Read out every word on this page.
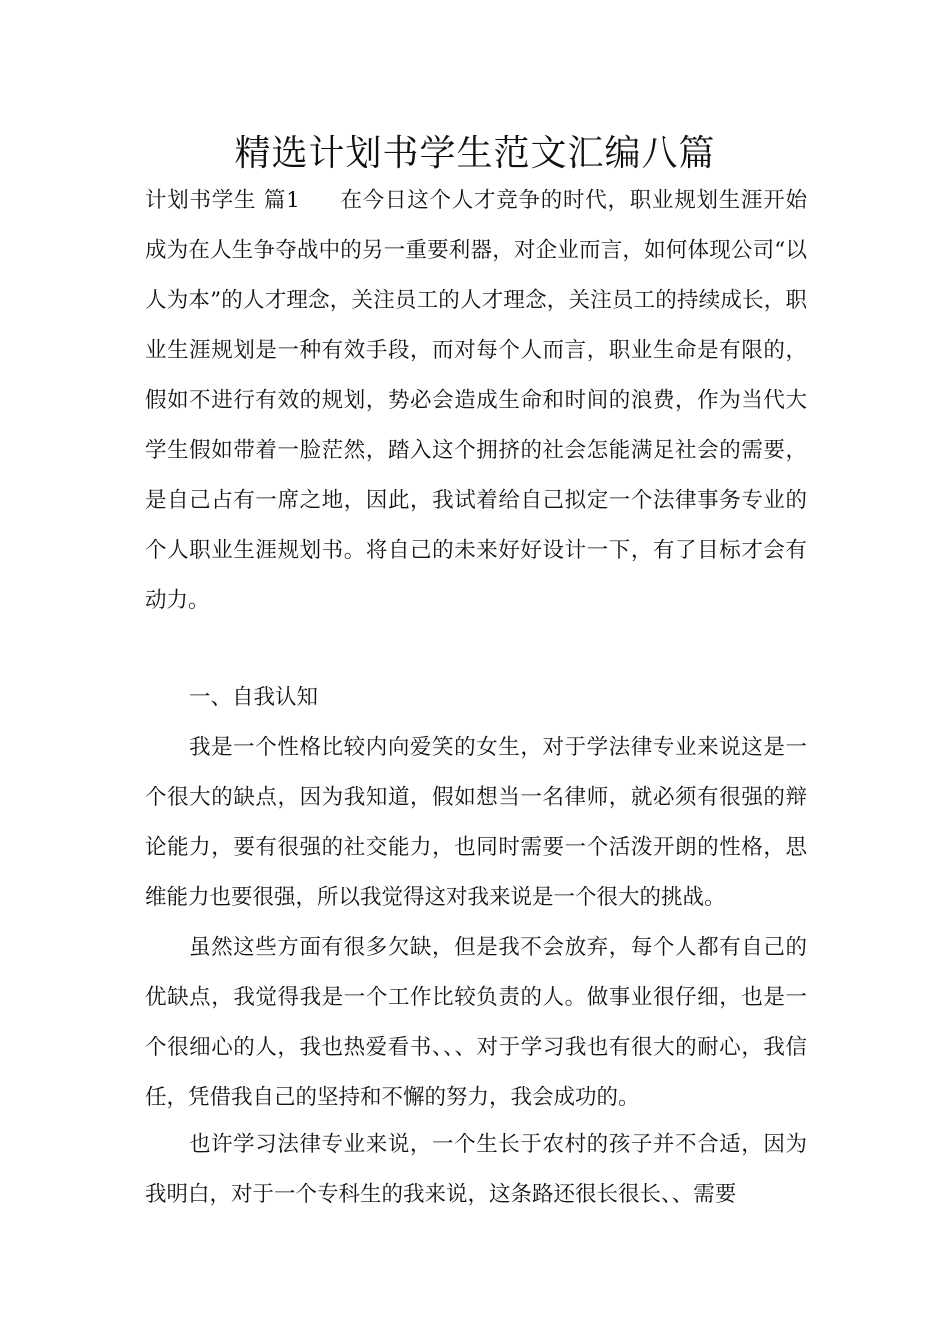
精选计划书学生范文汇编八篇

计划书学生 篇1 在今日这个人才竞争的时代，职业规划生涯开始成为在人生争夺战中的另一重要利器，对企业而言，如何体现公司“以人为本”的人才理念，关注员工的人才理念，关注员工的持续成长，职业生涯规划是一种有效手段，而对每个人而言，职业生命是有限的，假如不进行有效的规划，势必会造成生命和时间的浪费，作为当代大学生假如带着一脸茫然，踏入这个拥挤的社会怎能满足社会的需要，是自己占有一席之地，因此，我试着给自己拟定一个法律事务专业的个人职业生涯规划书。将自己的未来好好设计一下，有了目标才会有动力。

一、自我认知

我是一个性格比较内向爱笑的女生，对于学法律专业来说这是一个很大的缺点，因为我知道，假如想当一名律师，就必须有很强的辩论能力，要有很强的社交能力，也同时需要一个活泼开朗的性格，思维能力也要很强，所以我觉得这对我来说是一个很大的挑战。

虽然这些方面有很多欠缺，但是我不会放弃，每个人都有自己的优缺点，我觉得我是一个工作比较负责的人。做事业很仔细，也是一个很细心的人，我也热爱看书、、、对于学习我也有很大的耐心，我信任，凭借我自己的坚持和不懈的努力，我会成功的。

也许学习法律专业来说，一个生长于农村的孩子并不合适，因为我明白，对于一个专科生的我来说，这条路还很长很长、、需要
